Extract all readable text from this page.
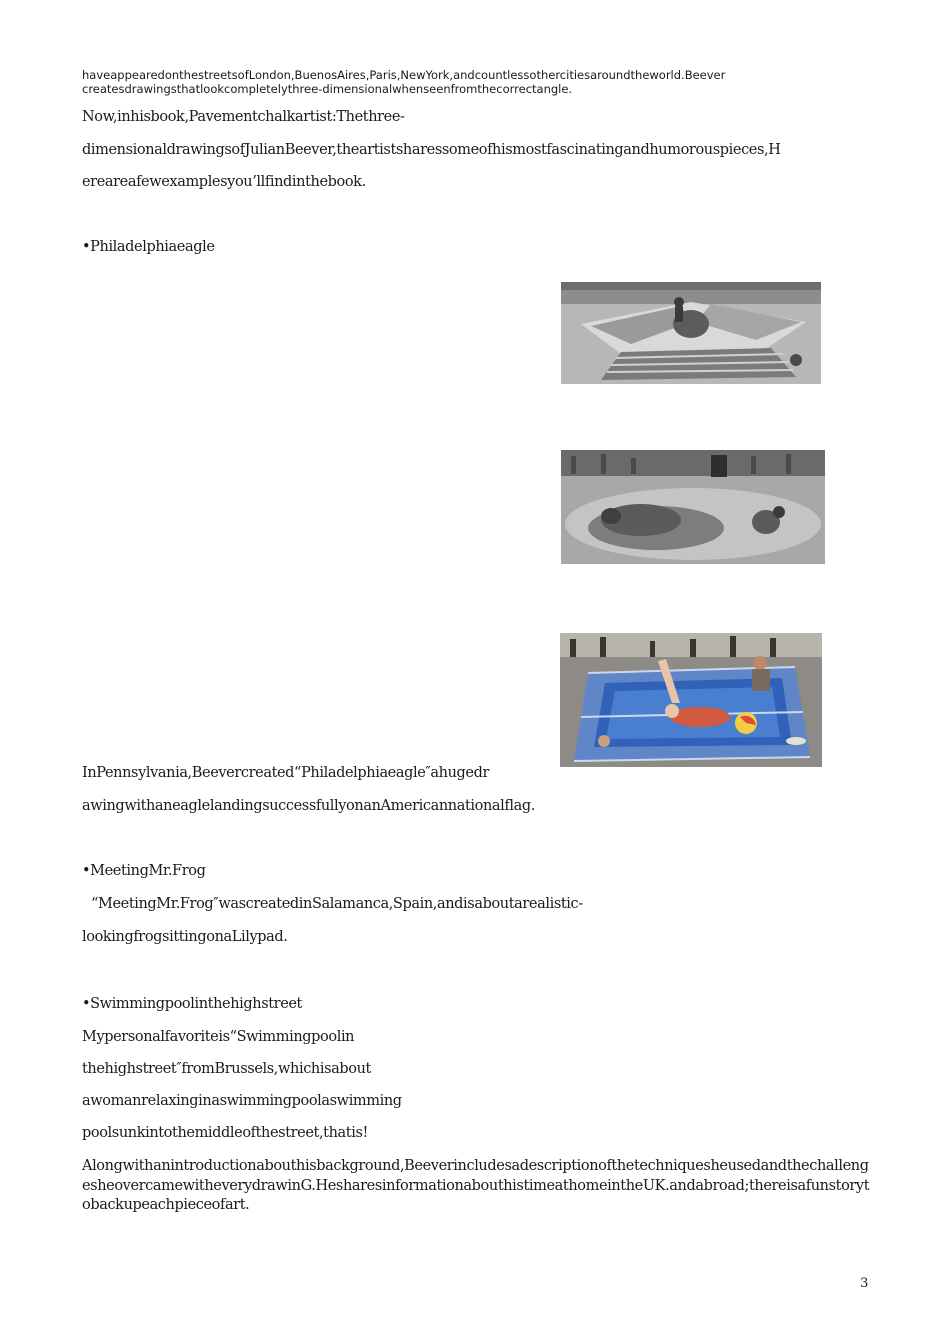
haveappearedonthestreetsofLondon,BuenosAires,Paris,NewYork,andcountlessothercitiesaroundtheworld.Beever
createsdrawingsthatlookcompletelythree-dimensionalwhenseenfromthecorrectangle.
Now,inhisbook,Pavementchalkartist:Thethree-
dimensionaldrawingsofJulianBeever,theartistsharessomeofhismostfascinatingandhumorouspieces,H
ereareafewexamplesyou’llfindinthebook.
•Philadelphiaeagle
InPennsylvania,Beevercreated“Philadelphiaeagle″ahugedr
awingwithaneaglelandingsuccessfullyonanAmericannationalflag.
•MeetingMr.Frog
“MeetingMr.Frog″wascreatedinSalamanca,Spain,andisaboutarealistic-
lookingfrogsittingonaLilypad.
•Swimmingpoolinthehighstreet
Mypersonalfavoriteis“Swimmingpoolin
thehighstreet″fromBrussels,whichisabout
awomanrelaxinginaswimmingpoolaswimming
poolsunkintothemiddleofthestreet,thatis!
Alongwithanintroductionabouthisbackground,BeeverincludesadescriptionofthetechniquesheusedandthechallengesheovercamewitheverydrawinG.HesharesinformationabouthistimeathomeintheUK.andabroad;thereisafunstorytobackupeachpieceofart.
3
